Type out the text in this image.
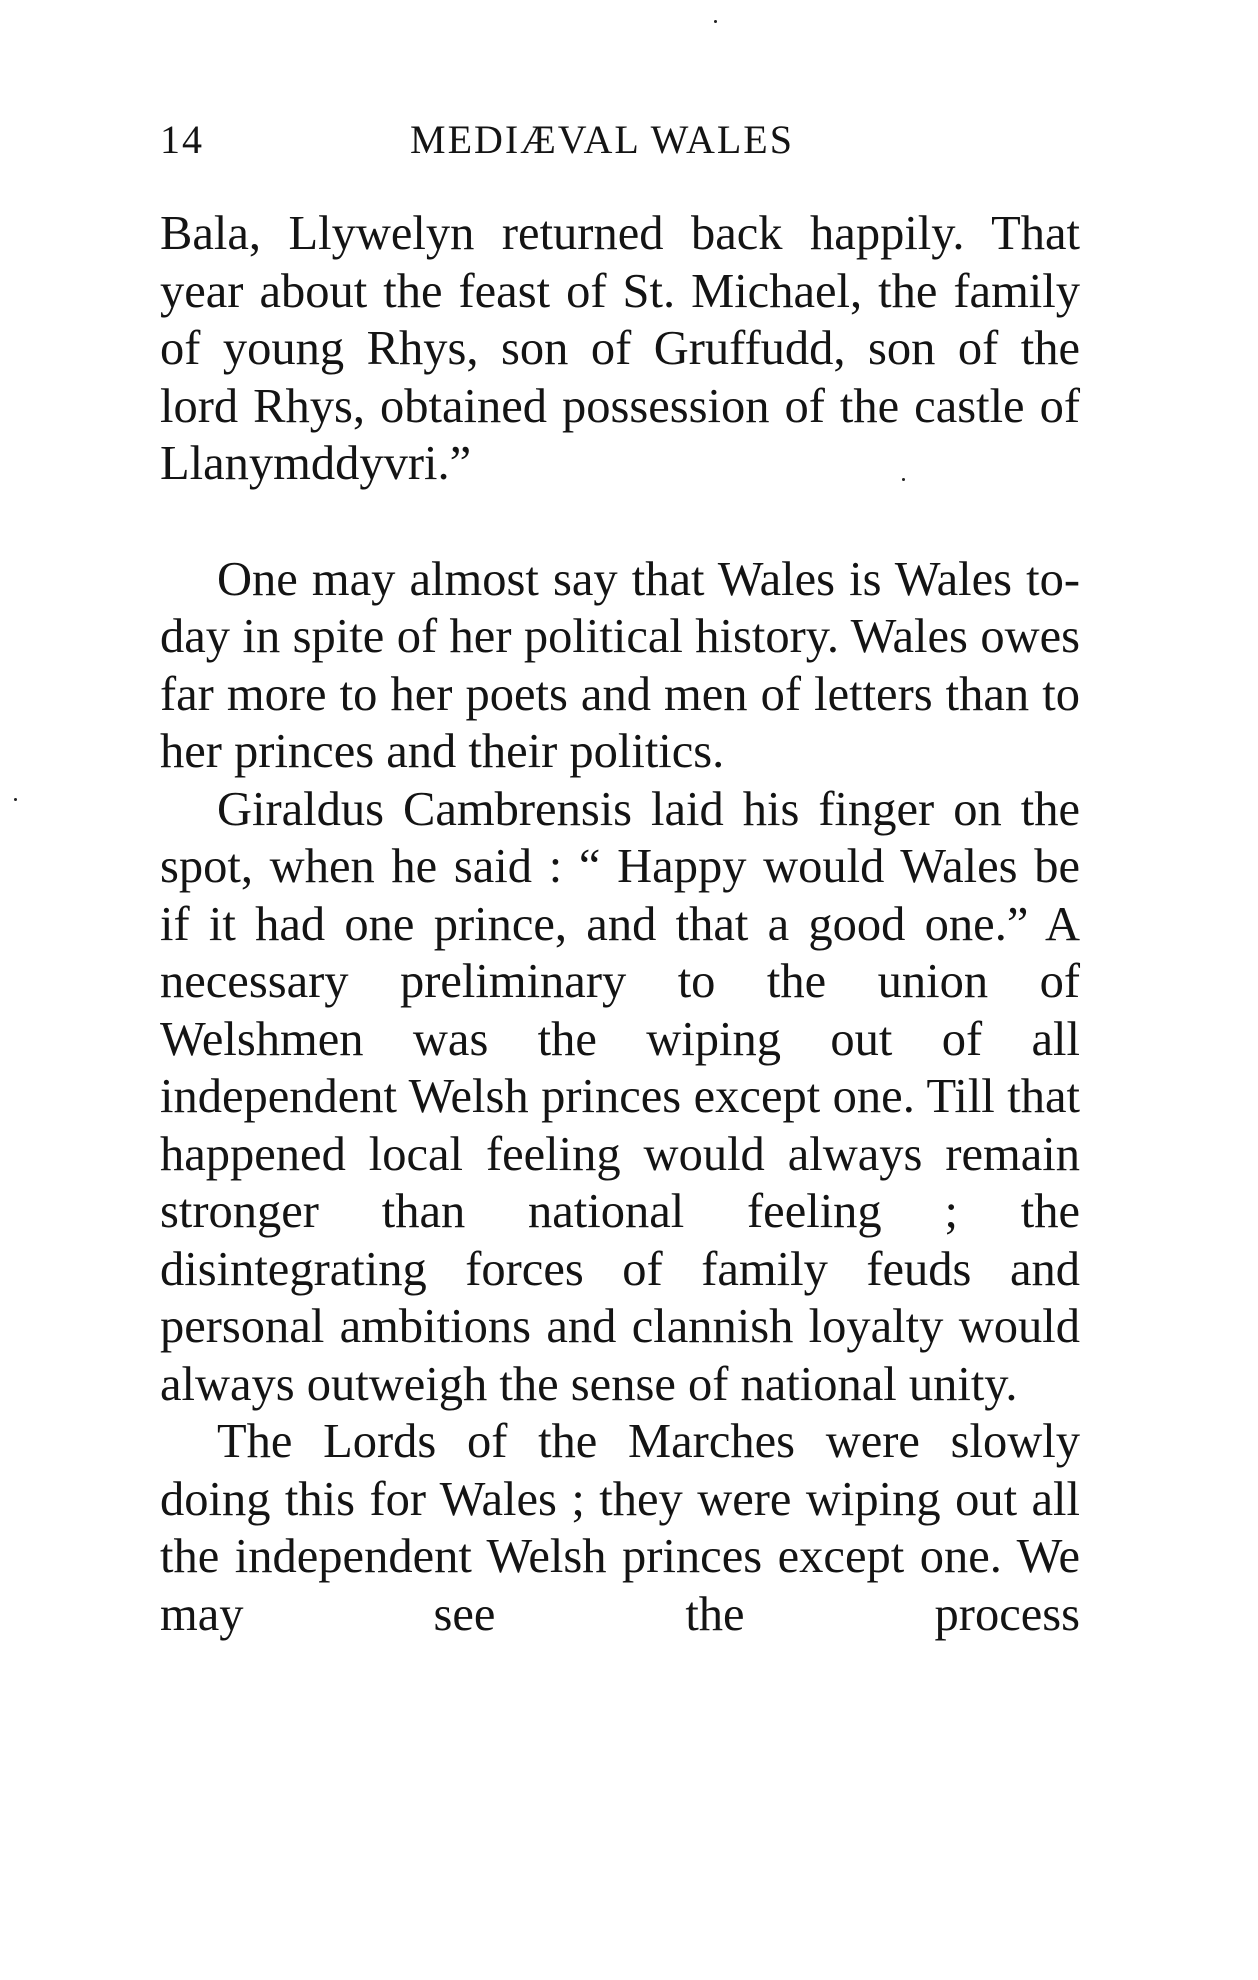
14	MEDIÆVAL WALES

Bala, Llywelyn returned back happily. That year about the feast of St. Michael, the family of young Rhys, son of Gruffudd, son of the lord Rhys, obtained possession of the castle of Llanymddyvri.”

One may almost say that Wales is Wales to-day in spite of her political history. Wales owes far more to her poets and men of letters than to her princes and their politics.

Giraldus Cambrensis laid his finger on the spot, when he said : “ Happy would Wales be if it had one prince, and that a good one.” A necessary preliminary to the union of Welshmen was the wiping out of all independent Welsh princes except one. Till that happened local feeling would always remain stronger than national feeling ; the disintegrating forces of family feuds and personal ambitions and clannish loyalty would always outweigh the sense of national unity.

The Lords of the Marches were slowly doing this for Wales ; they were wiping out all the independent Welsh princes except one. We may see the process
